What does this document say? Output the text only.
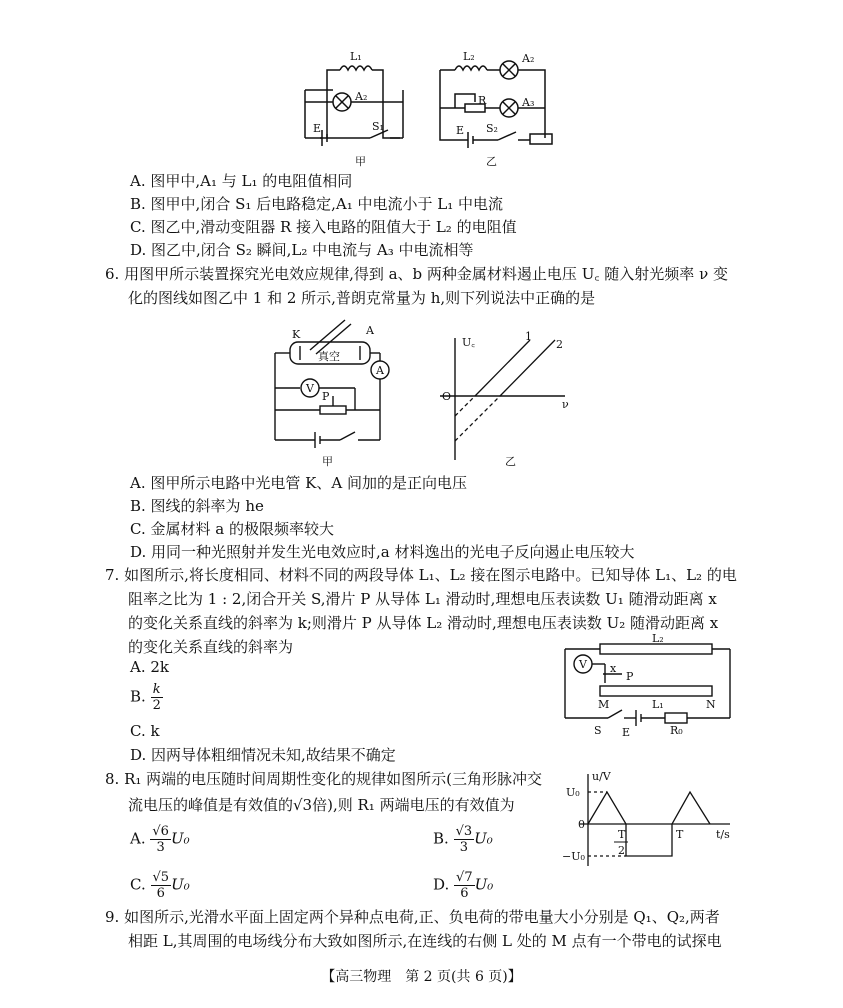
L₁
A₂
E	S₁
甲
L₂	A₂
R	A₃
E S₂
乙
A. 图甲中,A₁ 与 L₁ 的电阻值相同
B. 图甲中,闭合 S₁ 后电路稳定,A₁ 中电流小于 L₁ 中电流
C. 图乙中,滑动变阻器 R 接入电路的阻值大于 L₂ 的电阻值
D. 图乙中,闭合 S₂ 瞬间,L₂ 中电流与 A₃ 中电流相等
6. 用图甲所示装置探究光电效应规律,得到 a、b 两种金属材料遏止电压 U꜀ 随入射光频率 ν 变
化的图线如图乙中 1 和 2 所示,普朗克常量为 h,则下列说法中正确的是
K	A
真空
A
V
P
甲
U꜀
O
ν
1
2
乙
A. 图甲所示电路中光电管 K、A 间加的是正向电压
B. 图线的斜率为 he
C. 金属材料 a 的极限频率较大
D. 用同一种光照射并发生光电效应时,a 材料逸出的光电子反向遏止电压较大
7. 如图所示,将长度相同、材料不同的两段导体 L₁、L₂ 接在图示电路中。已知导体 L₁、L₂ 的电
阻率之比为 1 : 2,闭合开关 S,滑片 P 从导体 L₁ 滑动时,理想电压表读数 U₁ 随滑动距离 x
的变化关系直线的斜率为 k;则滑片 P 从导体 L₂ 滑动时,理想电压表读数 U₂ 随滑动距离 x
的变化关系直线的斜率为
A. 2k
B. $\frac{k}{2}$
C. k
D. 因两导体粗细情况未知,故结果不确定
V
L₂
x
P
M	L₁	N
S E	R₀
8. R₁ 两端的电压随时间周期性变化的规律如图所示(三角形脉冲交
流电压的峰值是有效值的√3倍),则 R₁ 两端电压的有效值为
A. $\frac{√6}{3} U_0$	B. $\frac{√3}{3} U_0$
C. $\frac{√5}{6} U_0$	D. $\frac{√7}{6} U_0$
u/V
U₀
0
−U₀
T
2
T	t/s
9. 如图所示,光滑水平面上固定两个异种点电荷,正、负电荷的带电量大小分别是 Q₁、Q₂,两者
相距 L,其周围的电场线分布大致如图所示,在连线的右侧 L 处的 M 点有一个带电的试探电
【高三物理　第 2 页(共 6 页)】
